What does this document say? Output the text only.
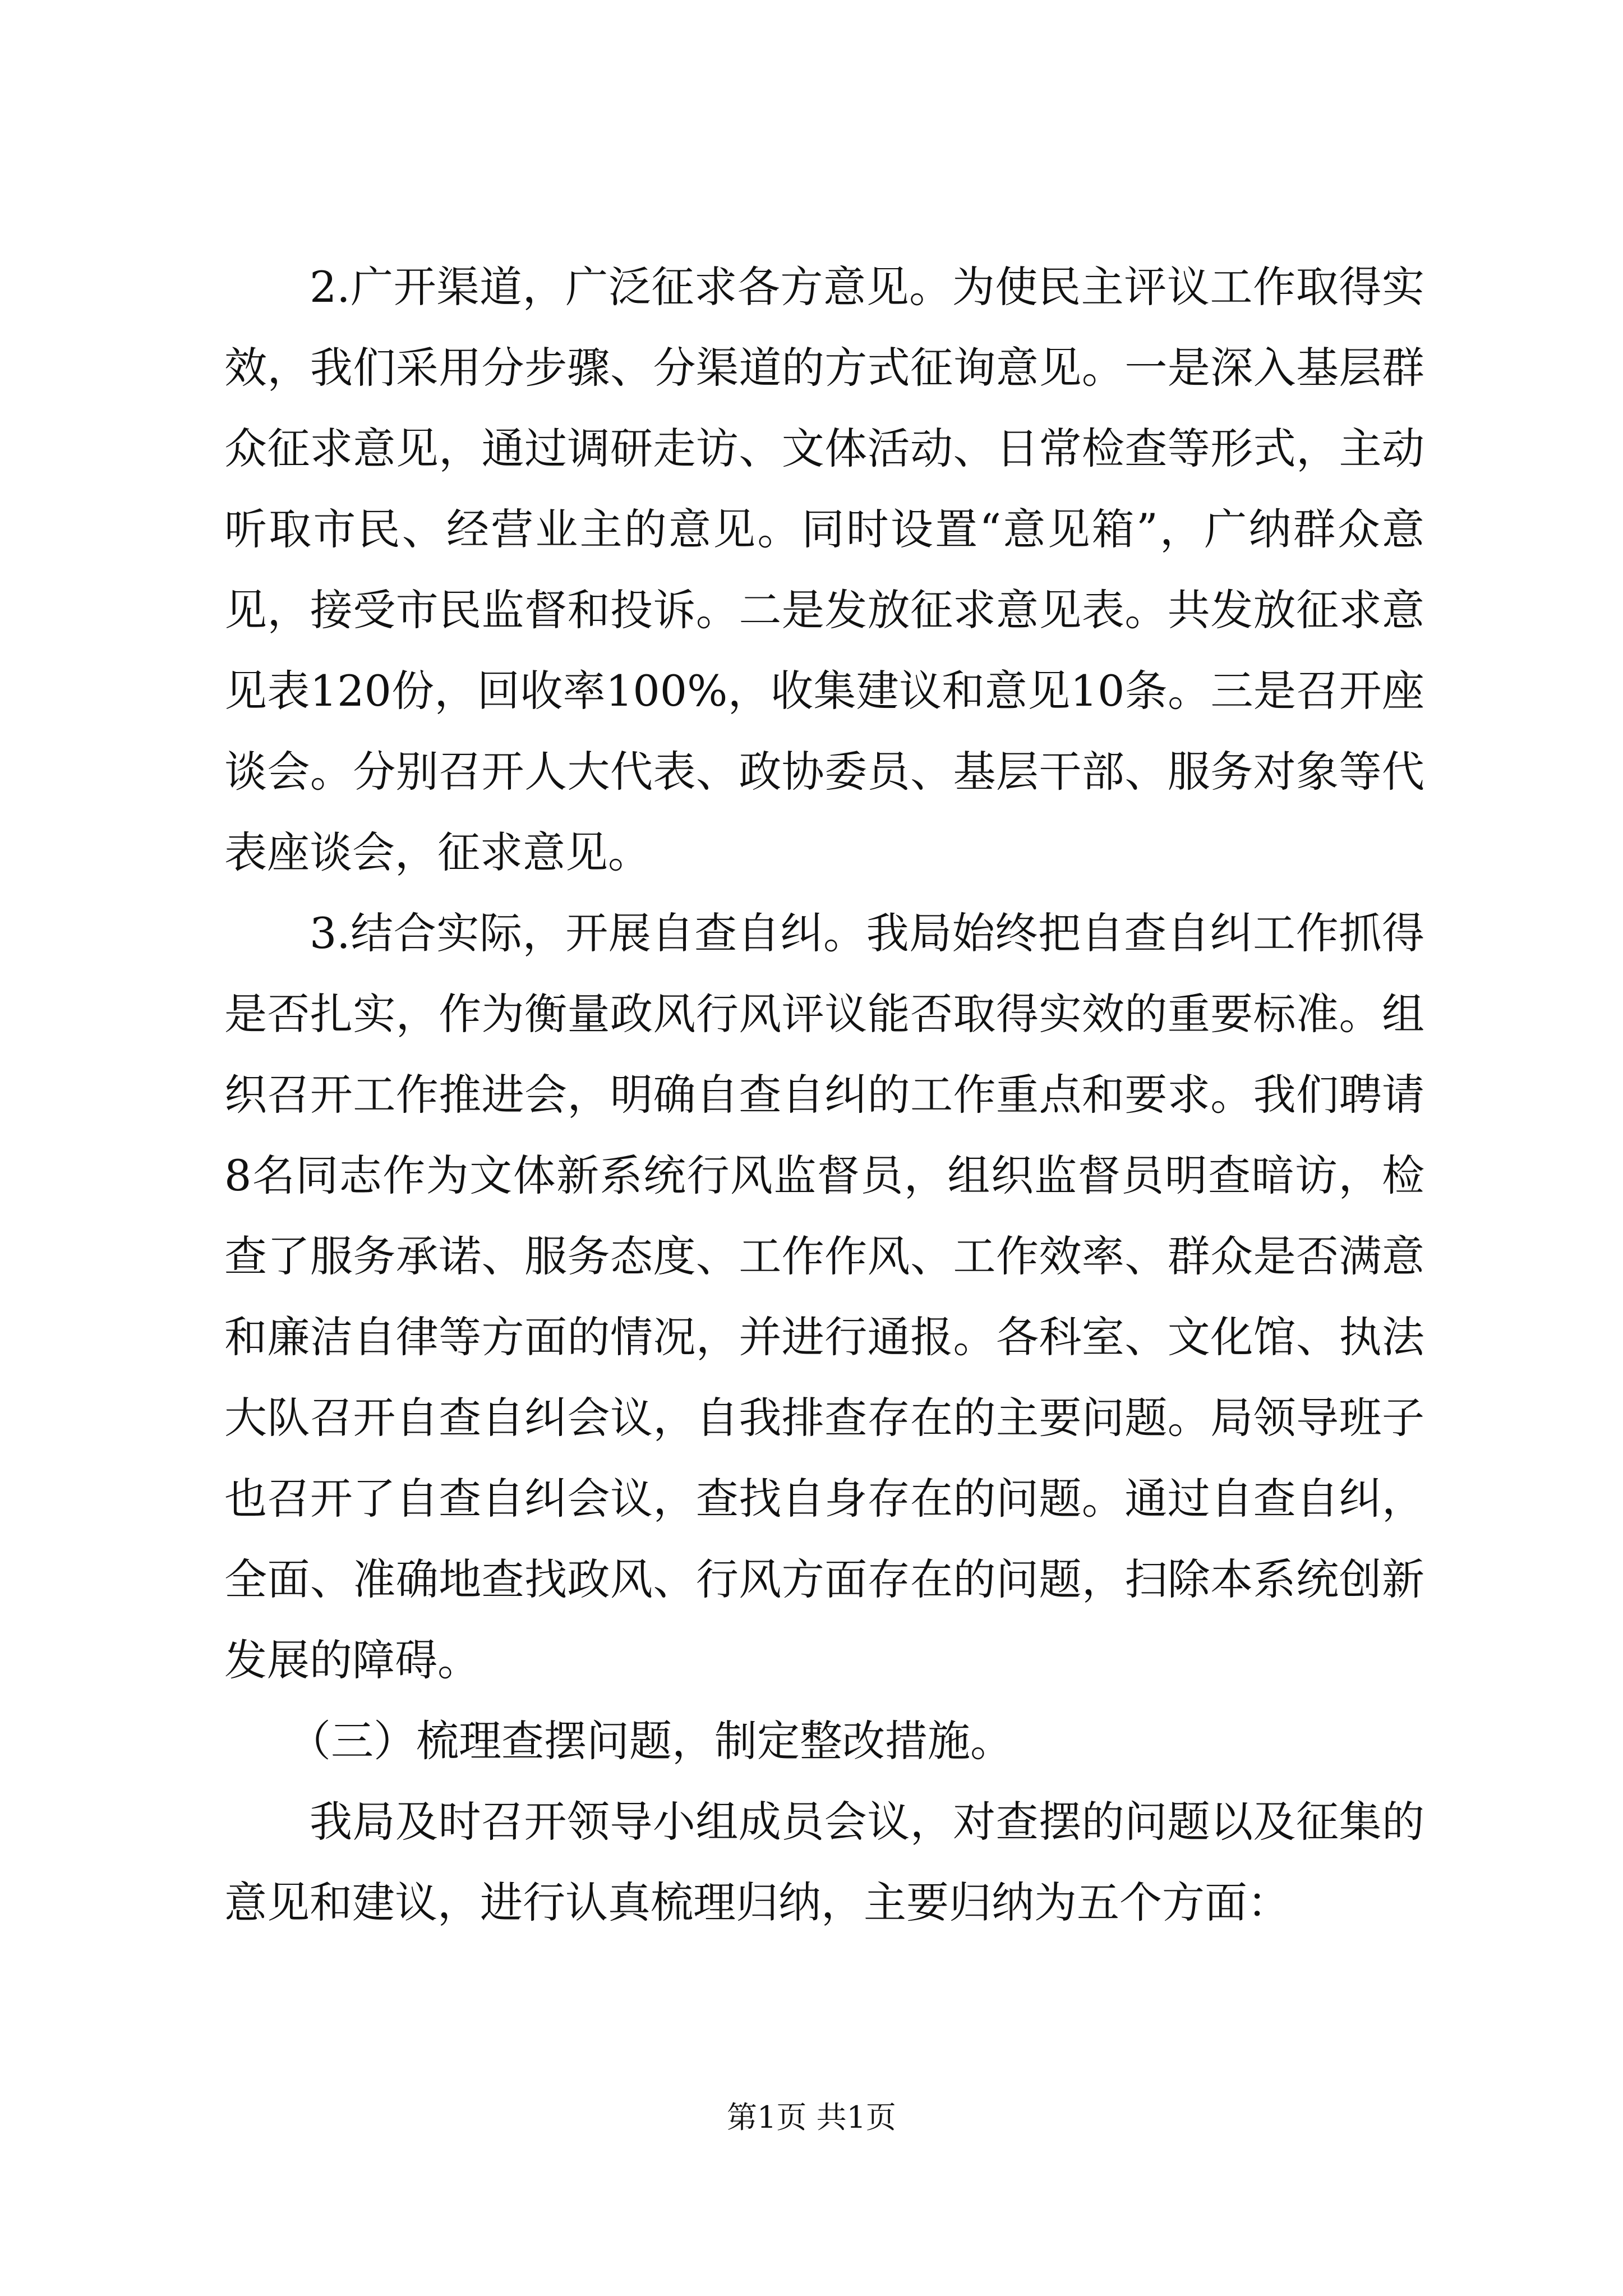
2.广开渠道，广泛征求各方意见。为使民主评议工作取得实效，我们采用分步骤、分渠道的方式征询意见。一是深入基层群众征求意见，通过调研走访、文体活动、日常检查等形式，主动听取市民、经营业主的意见。同时设置“意见箱”，广纳群众意见，接受市民监督和投诉。二是发放征求意见表。共发放征求意见表120份，回收率100%，收集建议和意见10条。三是召开座谈会。分别召开人大代表、政协委员、基层干部、服务对象等代表座谈会，征求意见。

3.结合实际，开展自查自纠。我局始终把自查自纠工作抓得是否扎实，作为衡量政风行风评议能否取得实效的重要标准。组织召开工作推进会，明确自查自纠的工作重点和要求。我们聘请8名同志作为文体新系统行风监督员，组织监督员明查暗访，检查了服务承诺、服务态度、工作作风、工作效率、群众是否满意和廉洁自律等方面的情况，并进行通报。各科室、文化馆、执法大队召开自查自纠会议，自我排查存在的主要问题。局领导班子也召开了自查自纠会议，查找自身存在的问题。通过自查自纠，全面、准确地查找政风、行风方面存在的问题，扫除本系统创新发展的障碍。

（三）梳理查摆问题，制定整改措施。

我局及时召开领导小组成员会议，对查摆的问题以及征集的意见和建议，进行认真梳理归纳，主要归纳为五个方面：

第1页 共1页
